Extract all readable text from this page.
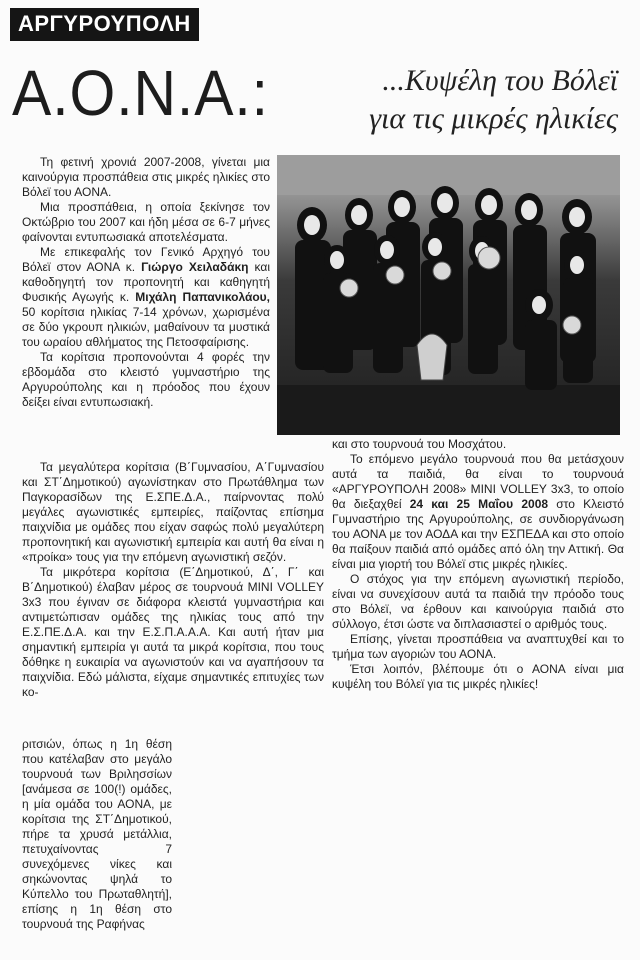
ΑΡΓΥΡΟΥΠΟΛΗ
Α.Ο.Ν.Α.:	...Κυψέλη του Βόλεϊ
για τις μικρές ηλικίες

Τη φετινή χρονιά 2007-2008, γίνεται μια καινούργια προσπάθεια στις μικρές ηλικίες στο Βόλεϊ του ΑΟΝΑ.

Μια προσπάθεια, η οποία ξεκίνησε τον Οκτώβριο του 2007 και ήδη μέσα σε 6-7 μήνες φαίνονται εντυπωσιακά αποτελέσματα.

Με επικεφαλής τον Γενικό Αρχηγό του Βόλεϊ στον ΑΟΝΑ κ. Γιώργο Χειλαδάκη και καθοδηγητή τον προπονητή και καθηγητή Φυσικής Αγωγής κ. Μιχάλη Παπανικολάου, 50 κορίτσια ηλικίας 7-14 χρόνων, χωρισμένα σε δύο γκρουπ ηλικιών, μαθαίνουν τα μυστικά του ωραίου αθλήματος της Πετοσφαίρισης.

Τα κορίτσια προπονούνται 4 φορές την εβδομάδα στο κλειστό γυμναστήριο της Αργυρούπολης και η πρόοδος που έχουν δείξει είναι εντυπωσιακή.

Τα μεγαλύτερα κορίτσια (Β΄Γυμνασίου, Α΄Γυμνασίου και ΣΤ΄Δημοτικού) αγωνίστηκαν στο Πρωτάθλημα των Παγκορασίδων της Ε.ΣΠΕ.Δ.Α., παίρνοντας πολύ μεγάλες αγωνιστικές εμπειρίες, παίζοντας επίσημα παιχνίδια με ομάδες που είχαν σαφώς πολύ μεγαλύτερη προπονητική και αγωνιστική εμπειρία και αυτή θα είναι η «προίκα» τους για την επόμενη αγωνιστική σεζόν.

Τα μικρότερα κορίτσια (Ε΄Δημοτικού, Δ΄, Γ΄ και Β΄Δημοτικού) έλαβαν μέρος σε τουρνουά MINI VOLLEY 3x3 που έγιναν σε διάφορα κλειστά γυμναστήρια και αντιμετώπισαν ομάδες της ηλικίας τους από την Ε.Σ.ΠΕ.Δ.Α. και την Ε.Σ.Π.Α.Α.Α. Και αυτή ήταν μια σημαντική εμπειρία γι αυτά τα μικρά κορίτσια, που τους δόθηκε η ευκαιρία να αγωνιστούν και να αγαπήσουν τα παιχνίδια. Εδώ μάλιστα, είχαμε σημαντικές επιτυχίες των κο-

ριτσιών, όπως η 1η θέση που κατέλαβαν στο μεγάλο τουρνουά των Βριλησσίων [ανάμεσα σε 100(!) ομάδες, η μία ομάδα του ΑΟΝΑ, με κορίτσια της ΣΤ΄Δημοτικού, πήρε τα χρυσά μετάλλια, πετυχαίνοντας 7 συνεχόμενες νίκες και σηκώνοντας ψηλά το Κύπελλο του Πρωταθλητή], επίσης η 1η θέση στο τουρνουά της Ραφήνας

και στο τουρνουά του Μοσχάτου.

Το επόμενο μεγάλο τουρνουά που θα μετάσχουν αυτά τα παιδιά, θα είναι το τουρνουά «ΑΡΓΥΡΟΥΠΟΛΗ 2008» MINI VOLLEY 3x3, το οποίο θα διεξαχθεί 24 και 25 Μαΐου 2008 στο Κλειστό Γυμναστήριο της Αργυρούπολης, σε συνδιοργάνωση του ΑΟΝΑ με τον ΑΟΔΑ και την ΕΣΠΕΔΑ και στο οποίο θα παίξουν παιδιά από ομάδες από όλη την Αττική. Θα είναι μια γιορτή του Βόλεϊ στις μικρές ηλικίες.

Ο στόχος για την επόμενη αγωνιστική περίοδο, είναι να συνεχίσουν αυτά τα παιδιά την πρόοδο τους στο Βόλεϊ, να έρθουν και καινούργια παιδιά στο σύλλογο, έτσι ώστε να διπλασιαστεί ο αριθμός τους.

Επίσης, γίνεται προσπάθεια να αναπτυχθεί και το τμήμα των αγοριών του ΑΟΝΑ.

Έτσι λοιπόν, βλέπουμε ότι ο ΑΟΝΑ είναι μια κυψέλη του Βόλεϊ για τις μικρές ηλικίες!
